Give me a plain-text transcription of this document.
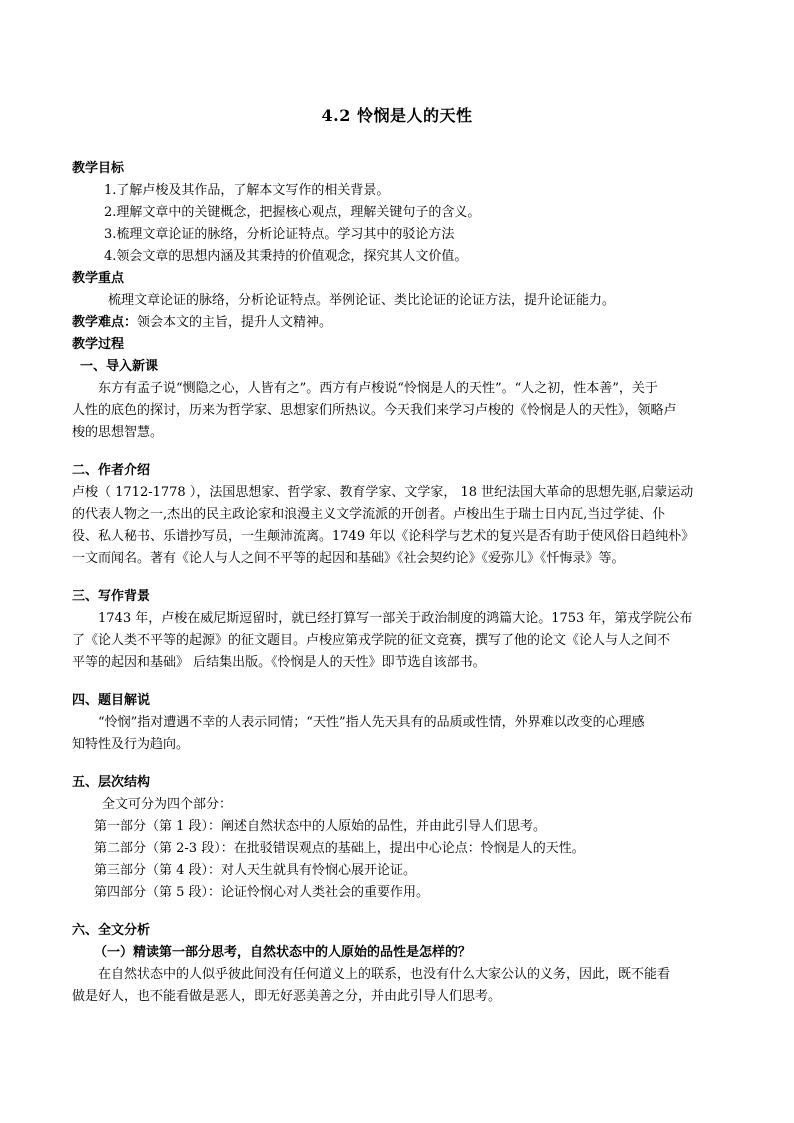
4.2 怜悯是人的天性
教学目标
1.了解卢梭及其作品，了解本文写作的相关背景。
2.理解文章中的关键概念，把握核心观点，理解关键句子的含义。
3.梳理文章论证的脉络，分析论证特点。学习其中的驳论方法
4.领会文章的思想内涵及其秉持的价值观念，探究其人文价值。
教学重点
梳理文章论证的脉络，分析论证特点。举例论证、类比论证的论证方法，提升论证能力。
教学难点：领会本文的主旨，提升人文精神。
教学过程
一、导入新课
东方有孟子说“恻隐之心，人皆有之”。西方有卢梭说“怜悯是人的天性”。“人之初，性本善”，关于
人性的底色的探讨，历来为哲学家、思想家们所热议。今天我们来学习卢梭的《怜悯是人的天性》，领略卢
梭的思想智慧。
二、作者介绍
卢梭（ 1712-1778 ），法国思想家、哲学家、教育学家、文学家， 18 世纪法国大革命的思想先驱,启蒙运动
的代表人物之一,杰出的民主政论家和浪漫主义文学流派的开创者。卢梭出生于瑞士日内瓦,当过学徒、仆
役、私人秘书、乐谱抄写员，一生颠沛流离。1749 年以《论科学与艺术的复兴是否有助于使风俗日趋纯朴》
一文而闻名。著有《论人与人之间不平等的起因和基础》《社会契约论》《爱弥儿》《忏悔录》等。
三、写作背景
1743 年，卢梭在威尼斯逗留时，就已经打算写一部关于政治制度的鸿篇大论。1753 年，第戎学院公布
了《论人类不平等的起源》的征文题目。卢梭应第戎学院的征文竞赛，撰写了他的论文《论人与人之间不
平等的起因和基础》 后结集出版。《怜悯是人的天性》即节选自该部书。
四、题目解说
“怜悯”指对遭遇不幸的人表示同情；“天性”指人先天具有的品质或性情，外界难以改变的心理感
知特性及行为趋向。
五、层次结构
全文可分为四个部分：
第一部分（第 1 段）：阐述自然状态中的人原始的品性，并由此引导人们思考。
第二部分（第 2-3 段）：在批驳错误观点的基础上，提出中心论点：怜悯是人的天性。
第三部分（第 4 段）：对人天生就具有怜悯心展开论证。
第四部分（第 5 段）：论证怜悯心对人类社会的重要作用。
六、全文分析
（一）精读第一部分思考，自然状态中的人原始的品性是怎样的？
在自然状态中的人似乎彼此间没有任何道义上的联系，也没有什么大家公认的义务，因此，既不能看
做是好人，也不能看做是恶人，即无好恶美善之分，并由此引导人们思考。
